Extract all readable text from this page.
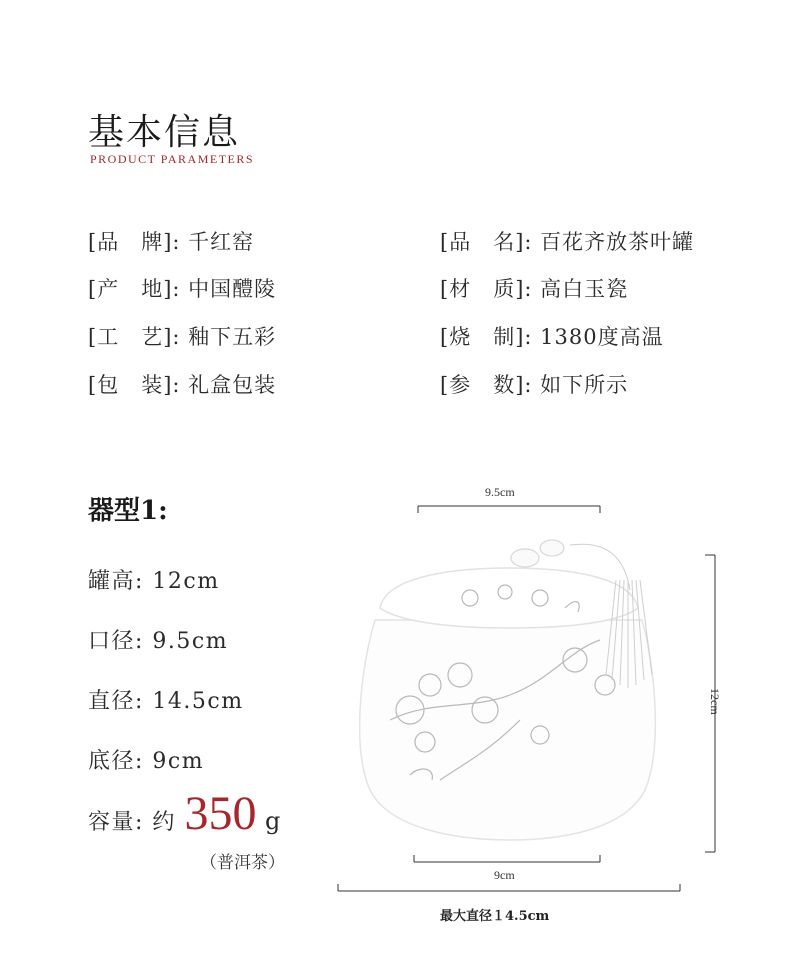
基本信息
PRODUCT PARAMETERS
[品　牌]: 千红窑	[品　名]: 百花齐放茶叶罐
[产　地]: 中国醴陵	[材　质]: 高白玉瓷
[工　艺]: 釉下五彩	[烧　制]: 1380度高温
[包　装]: 礼盒包装	[参　数]: 如下所示
器型1:
罐高: 12cm
口径: 9.5cm
直径: 14.5cm
底径: 9cm
容量: 约 350 g
（普洱茶）
9.5cm
12cm
9cm
最大直径１4.5cm
